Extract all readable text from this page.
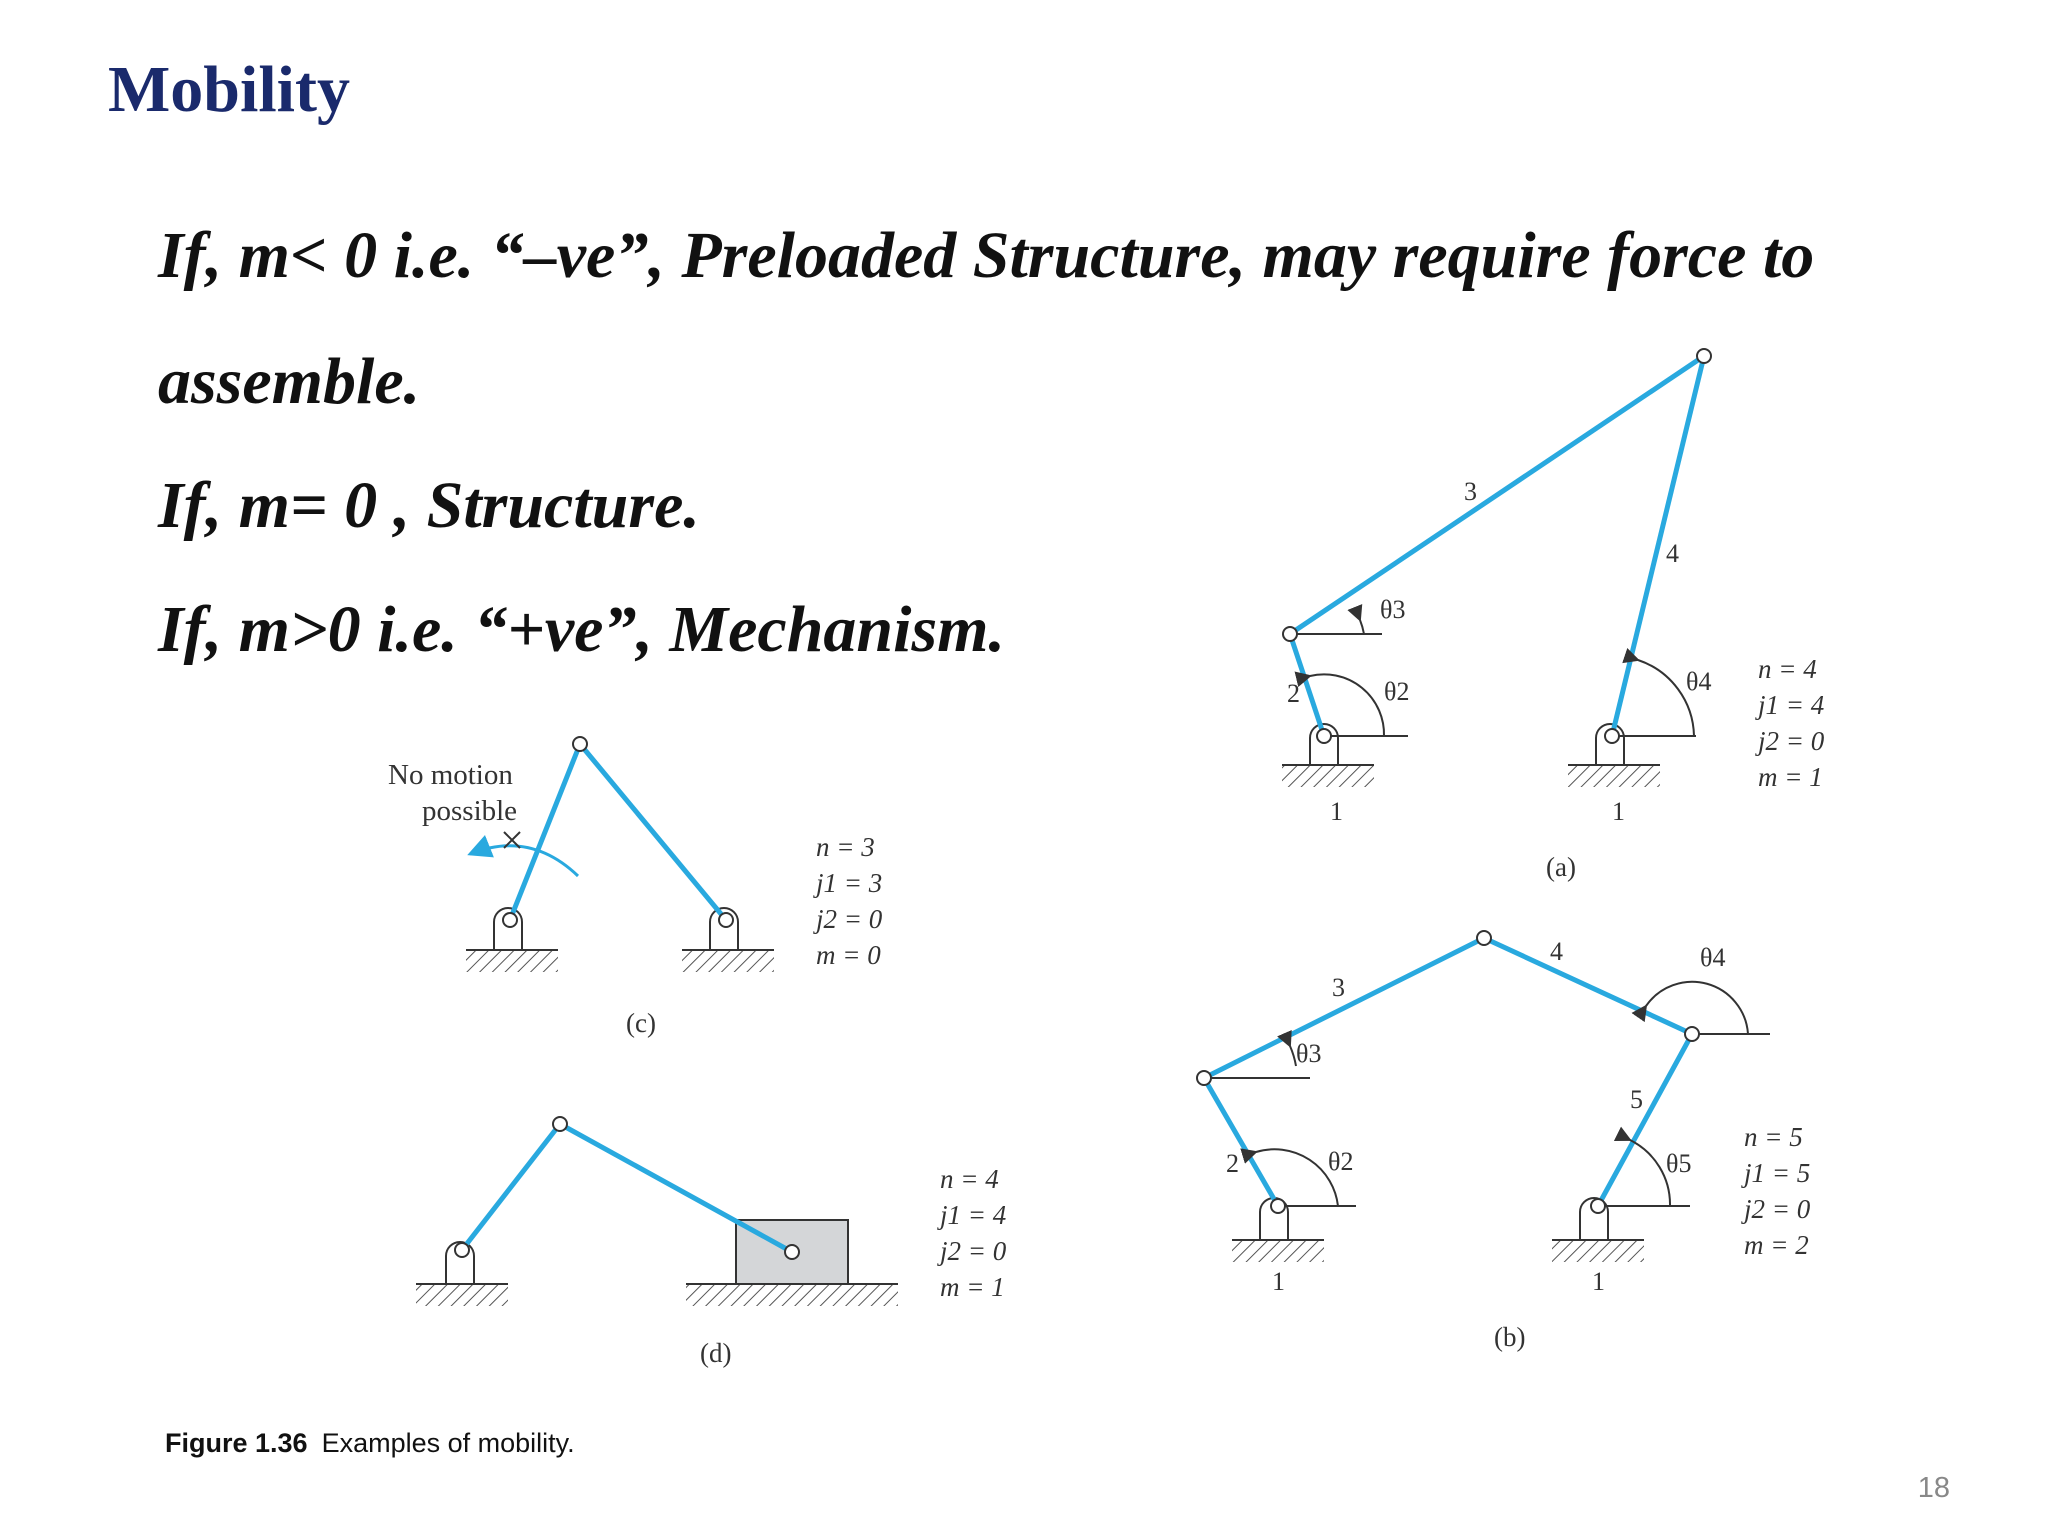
Mobility

If, m< 0 i.e. “–ve”, Preloaded Structure, may require force to

assemble.

If, m= 0 , Structure.

If, m>0 i.e. “+ve”, Mechanism.

2
3
4
1	1
θ2
θ3
θ4 n = 4
j1 = 4
j2 = 0
m = 1
(a)
2
3
4
5
1	1
θ2
θ3
θ4
θ5
n = 5
j1 = 5
j2 = 0
m = 2
(b)
No motion
possible
n = 3
j1 = 3
j2 = 0
m = 0
(c)
n = 4
j1 = 4
j2 = 0
m = 1
(d)
Figure 1.36 Examples of mobility.
18
